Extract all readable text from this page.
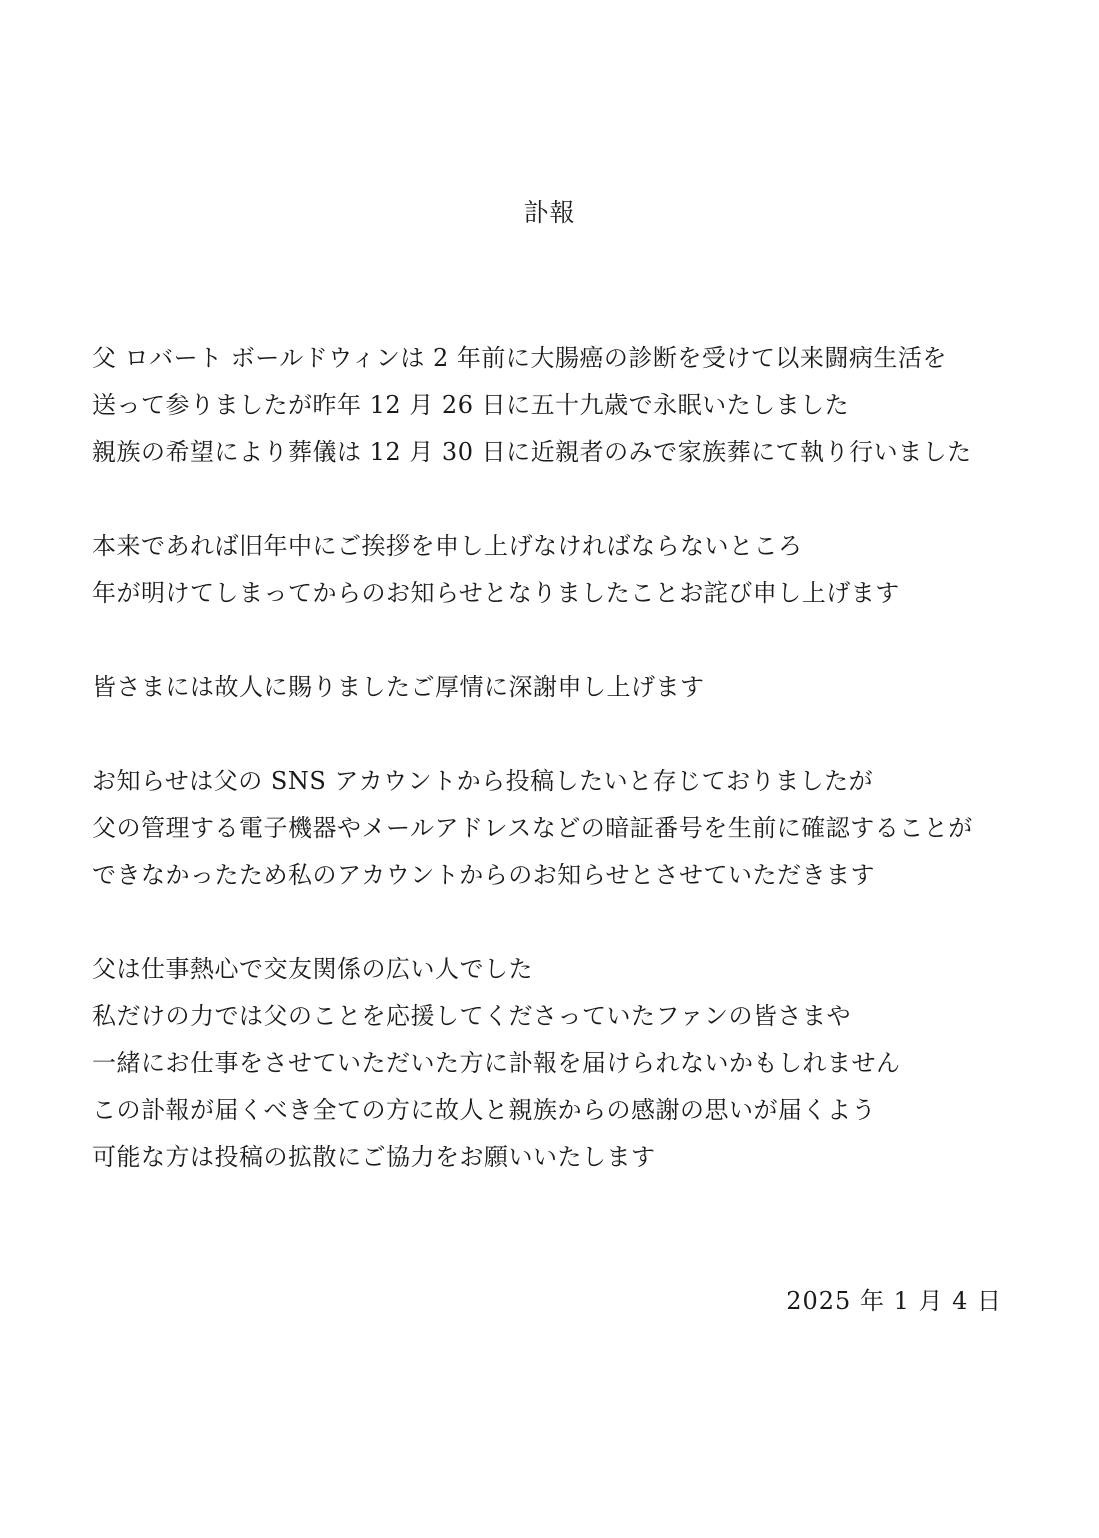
訃報
父 ロバート ボールドウィンは 2 年前に大腸癌の診断を受けて以来闘病生活を
送って参りましたが昨年 12 月 26 日に五十九歳で永眠いたしました
親族の希望により葬儀は 12 月 30 日に近親者のみで家族葬にて執り行いました
本来であれば旧年中にご挨拶を申し上げなければならないところ
年が明けてしまってからのお知らせとなりましたことお詫び申し上げます
皆さまには故人に賜りましたご厚情に深謝申し上げます
お知らせは父の SNS アカウントから投稿したいと存じておりましたが
父の管理する電子機器やメールアドレスなどの暗証番号を生前に確認することが
できなかったため私のアカウントからのお知らせとさせていただきます
父は仕事熱心で交友関係の広い人でした
私だけの力では父のことを応援してくださっていたファンの皆さまや
一緒にお仕事をさせていただいた方に訃報を届けられないかもしれません
この訃報が届くべき全ての方に故人と親族からの感謝の思いが届くよう
可能な方は投稿の拡散にご協力をお願いいたします
2025 年 1 月 4 日
